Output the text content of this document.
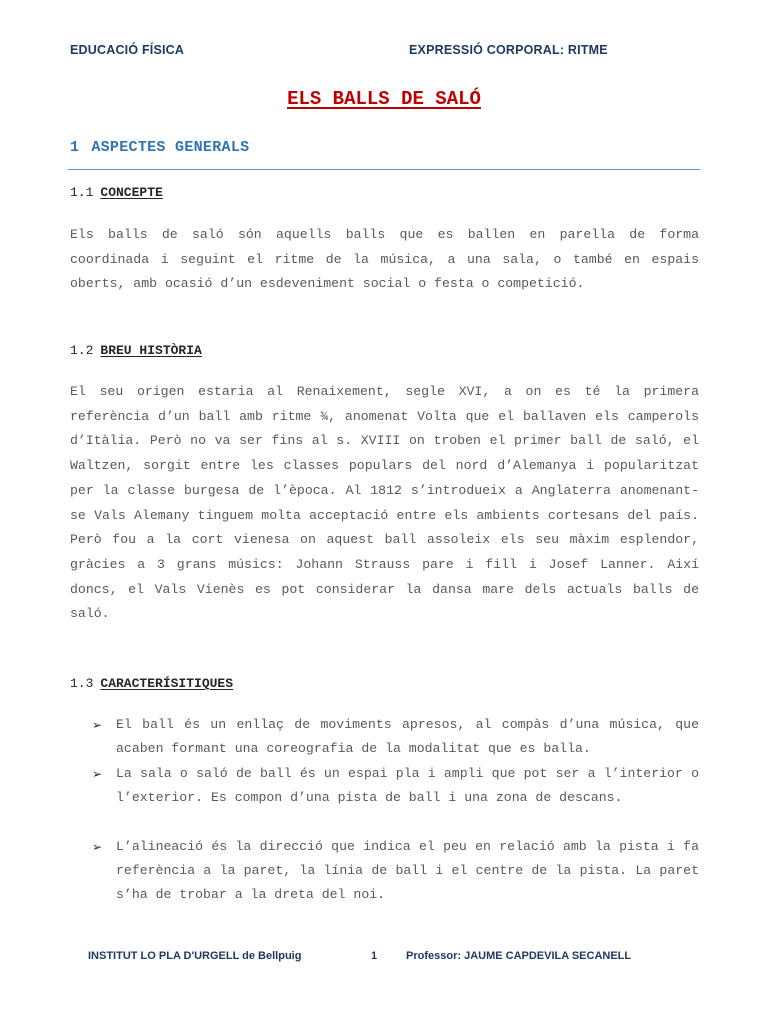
EDUCACIÓ FÍSICA	EXPRESSIÓ CORPORAL: RITME
ELS BALLS DE SALÓ
1 ASPECTES GENERALS
1.1 CONCEPTE
Els balls de saló són aquells balls que es ballen en parella de forma coordinada i seguint el ritme de la música, a una sala, o també en espais oberts, amb ocasió d’un esdeveniment social o festa o competició.
1.2 BREU HISTÒRIA
El seu origen estaria al Renaixement, segle XVI, a on es té la primera referència d’un ball amb ritme ¾, anomenat Volta que el ballaven els camperols d’Itàlia. Però no va ser fins al s. XVIII on troben el primer ball de saló, el Waltzen, sorgit entre les classes populars del nord d’Alemanya i popularitzat per la classe burgesa de l’època. Al 1812 s’introdueix a Anglaterra anomenant-se Vals Alemany tinguem molta acceptació entre els ambients cortesans del país. Però fou a la cort vienesa on aquest ball assoleix els seu màxim esplendor, gràcies a 3 grans músics: Johann Strauss pare i fill i Josef Lanner. Així doncs, el Vals Vienès es pot considerar la dansa mare dels actuals balls de saló.
1.3 CARACTERÍSITIQUES
➢ El ball és un enllaç de moviments apresos, al compàs d’una música, que acaben formant una coreografia de la modalitat que es balla.
➢ La sala o saló de ball és un espai pla i ampli que pot ser a l’interior o l’exterior. Es compon d’una pista de ball i una zona de descans.
➢ L’alineació és la direcció que indica el peu en relació amb la pista i fa referència a la paret, la línia de ball i el centre de la pista. La paret s’ha de trobar a la dreta del noi.
INSTITUT LO PLA D'URGELL de Bellpuig	1	Professor: JAUME CAPDEVILA SECANELL
